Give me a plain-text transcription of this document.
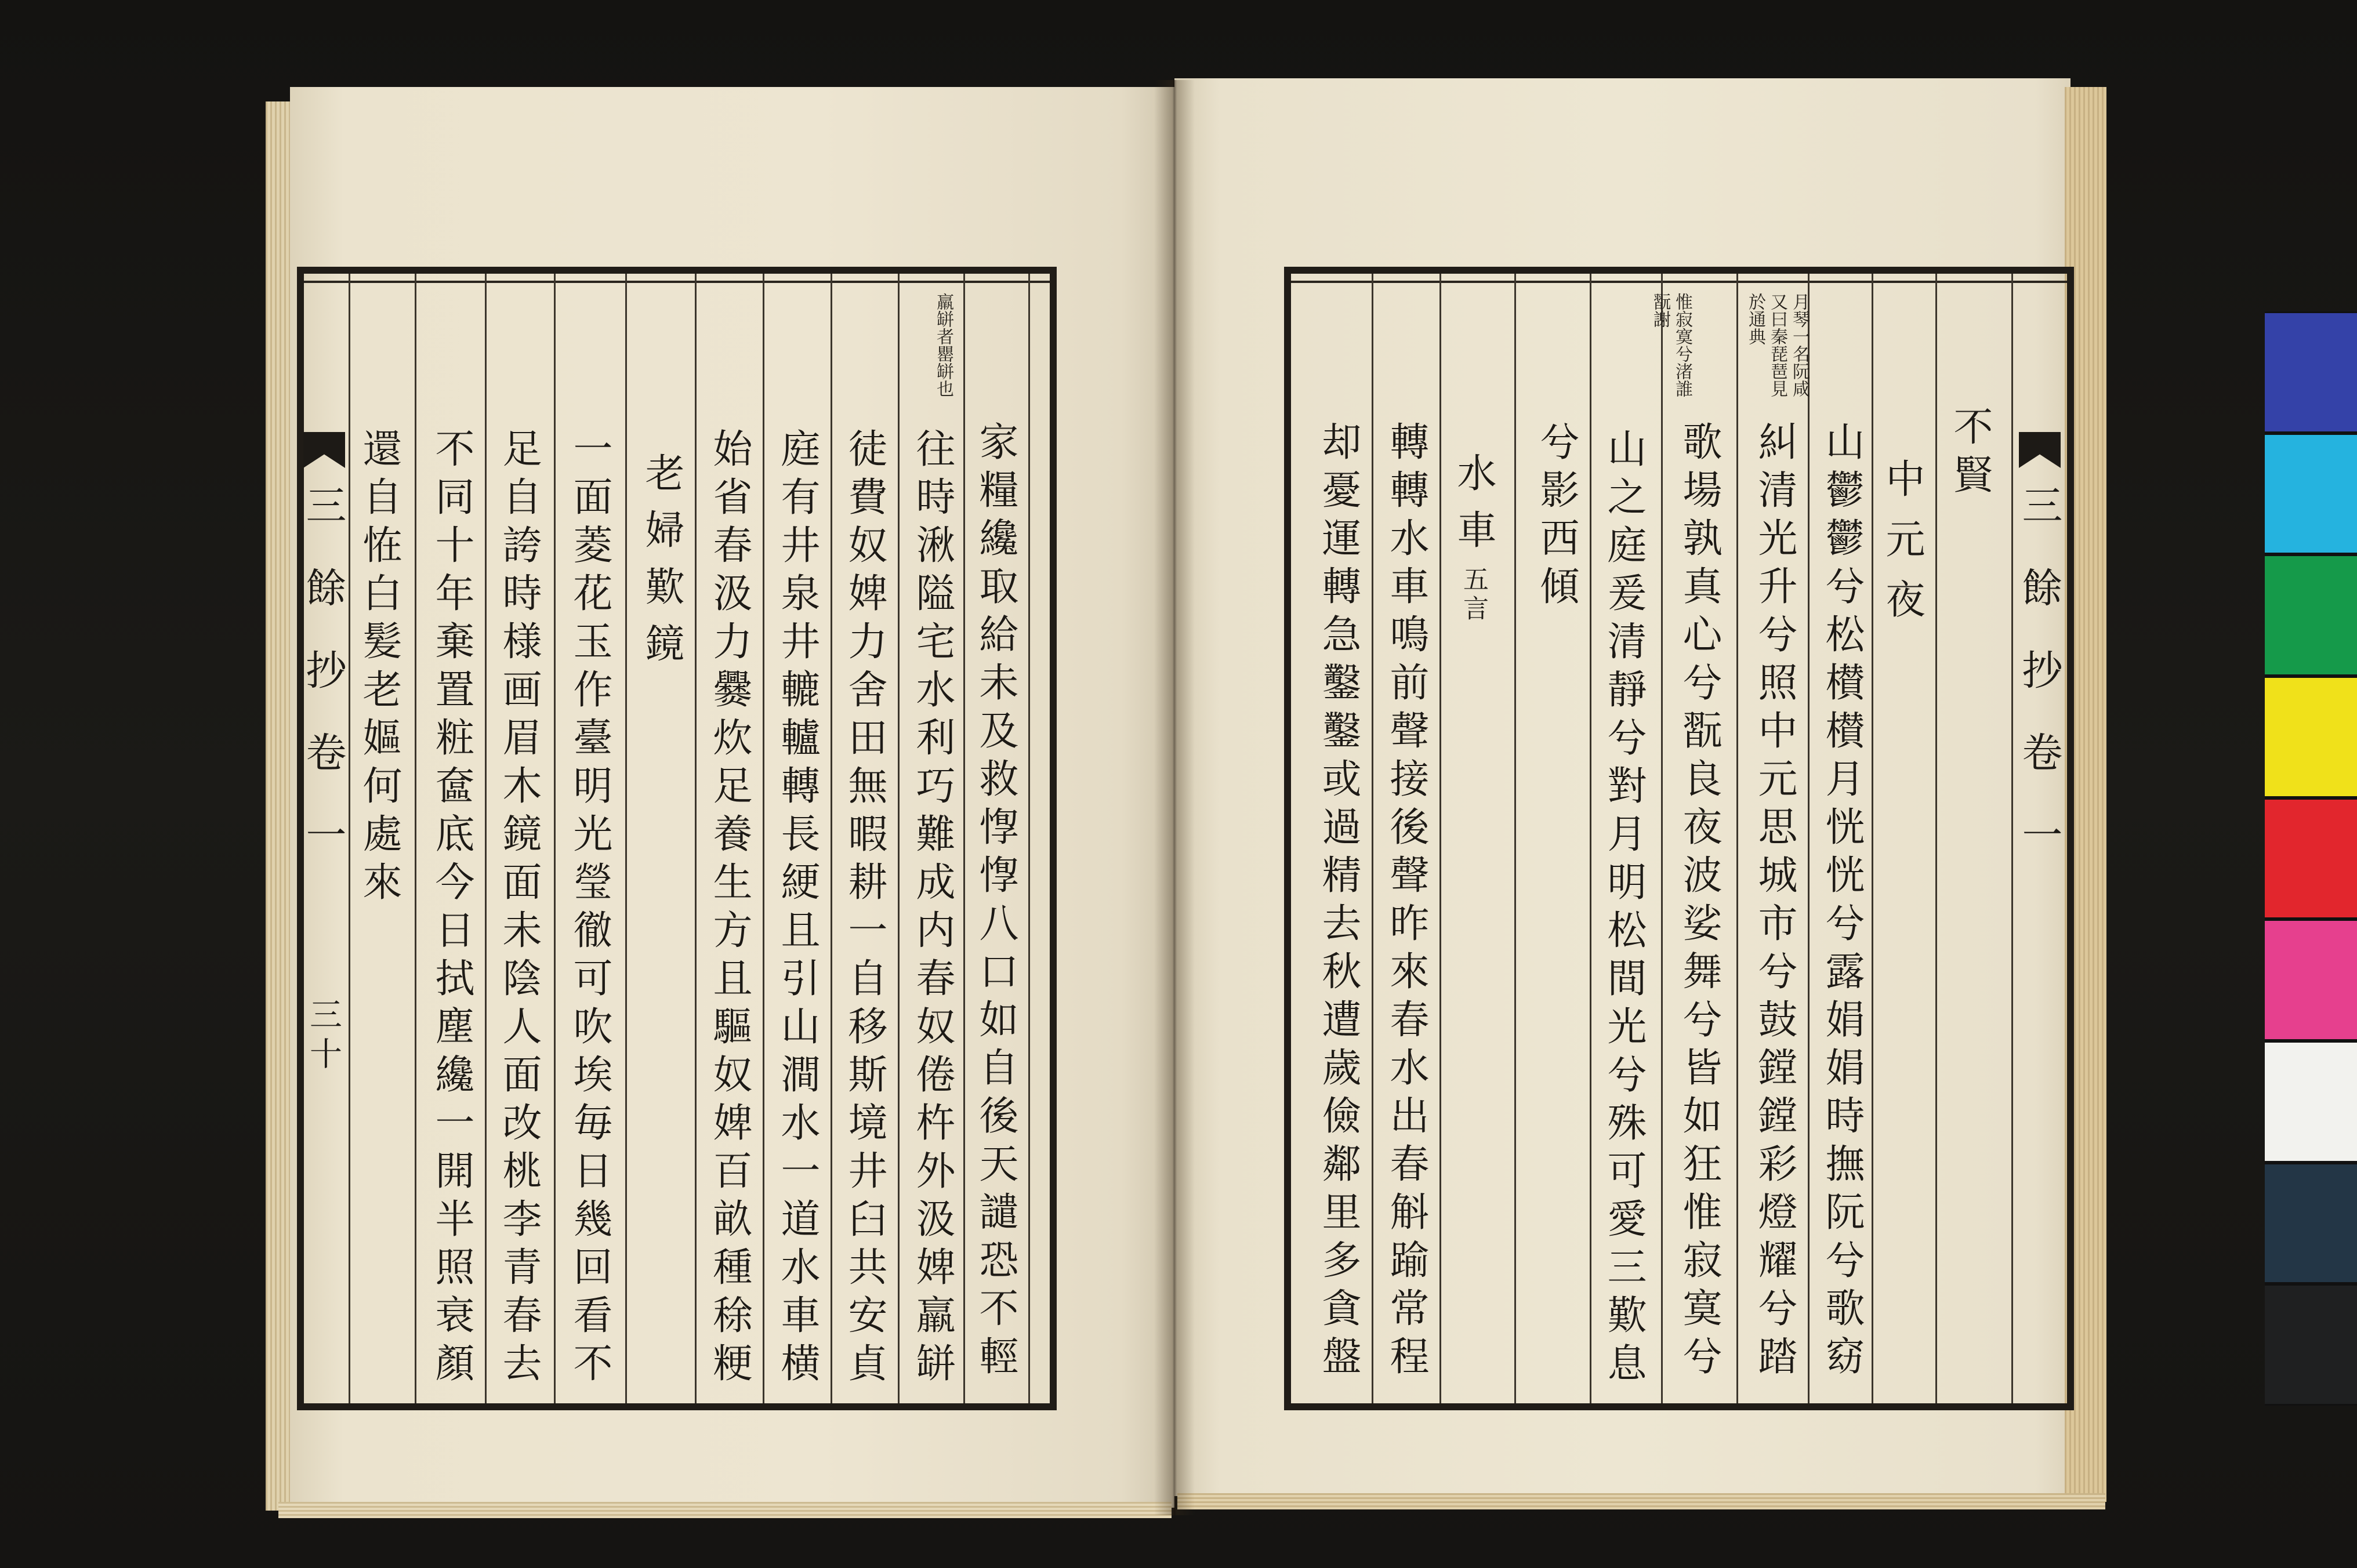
三餘抄卷一
三十
羸缾者罌缾也
家糧纔取給未及救惸惸八口如自後天譴恐不輕
往時湫隘宅水利巧難成内春奴倦杵外汲婢羸缾
徒費奴婢力舍田無暇耕一自移斯境井臼共安貞
庭有井泉井轆轤轉長綆且引山澗水一道水車横
始省春汲力爨炊足養生方且驅奴婢百畝種稌粳
老婦歎鏡
一面菱花玉作臺明光瑩徹可吹埃毎日幾回看不
足自誇時様画眉木鏡面未陰人面改桃李青春去
不同十年棄置粧奩底今日拭塵纔一開半照衰顏
還自恠白髪老嫗何處來	三餘抄卷一
月琴一名阮咸又曰秦琵琶見於通典
惟寂寞兮渚誰翫謝
不賢
中元夜
山鬱鬱兮松櫕櫕月恍恍兮露娟娟時撫阮兮歌窈
糾清光升兮照中元思城市兮鼓鏜鏜彩燈耀兮踏
歌場孰真心兮翫良夜波娑舞兮皆如狂惟寂寞兮
山之庭爰清靜兮對月明松間光兮殊可愛三歎息
兮影西傾
水車五言
轉轉水車鳴前聲接後聲昨來春水出春斛踰常程
却憂運轉急鑿鑿或過精去秋遭歲儉鄰里多貪盤
